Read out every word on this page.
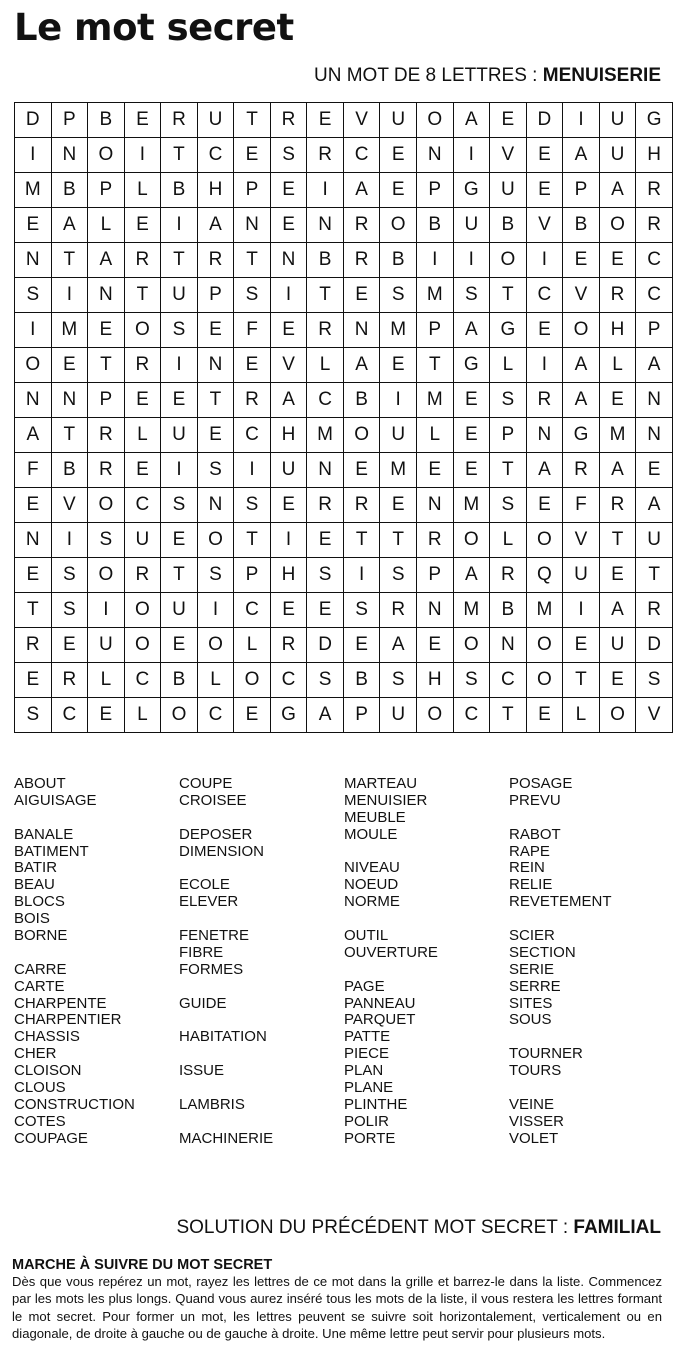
Le mot secret
UN MOT DE 8 LETTRES : MENUISERIE
D	P	B	E	R	U	T	R	E	V	U	O	A	E	D	I	U	G
I	N	O	I	T	C	E	S	R	C	E	N	I	V	E	A	U	H
M	B	P	L	B	H	P	E	I	A	E	P	G	U	E	P	A	R
E	A	L	E	I	A	N	E	N	R	O	B	U	B	V	B	O	R
N	T	A	R	T	R	T	N	B	R	B	I	I	O	I	E	E	C
S	I	N	T	U	P	S	I	T	E	S	M	S	T	C	V	R	C
I	M	E	O	S	E	F	E	R	N	M	P	A	G	E	O	H	P
O	E	T	R	I	N	E	V	L	A	E	T	G	L	I	A	L	A
N	N	P	E	E	T	R	A	C	B	I	M	E	S	R	A	E	N
A	T	R	L	U	E	C	H	M	O	U	L	E	P	N	G	M	N
F	B	R	E	I	S	I	U	N	E	M	E	E	T	A	R	A	E
E	V	O	C	S	N	S	E	R	R	E	N	M	S	E	F	R	A
N	I	S	U	E	O	T	I	E	T	T	R	O	L	O	V	T	U
E	S	O	R	T	S	P	H	S	I	S	P	A	R	Q	U	E	T
T	S	I	O	U	I	C	E	E	S	R	N	M	B	M	I	A	R
R	E	U	O	E	O	L	R	D	E	A	E	O	N	O	E	U	D
E	R	L	C	B	L	O	C	S	B	S	H	S	C	O	T	E	S
S	C	E	L	O	C	E	G	A	P	U	O	C	T	E	L	O	V
ABOUT
AIGUISAGE
BANALE
BATIMENT
BATIR
BEAU
BLOCS
BOIS
BORNE
CARRE
CARTE
CHARPENTE
CHARPENTIER
CHASSIS
CHER
CLOISON
CLOUS
CONSTRUCTION
COTES
COUPAGE
COUPE
CROISEE
DEPOSER
DIMENSION
ECOLE
ELEVER
FENETRE
FIBRE
FORMES
GUIDE
HABITATION
ISSUE
LAMBRIS
MACHINERIE
MARTEAU
MENUISIER
MEUBLE
MOULE
NIVEAU
NOEUD
NORME
OUTIL
OUVERTURE
PAGE
PANNEAU
PARQUET
PATTE
PIECE
PLAN
PLANE
PLINTHE
POLIR
PORTE
POSAGE
PREVU
RABOT
RAPE
REIN
RELIE
REVETEMENT
SCIER
SECTION
SERIE
SERRE
SITES
SOUS
TOURNER
TOURS
VEINE
VISSER
VOLET
SOLUTION DU PRÉCÉDENT MOT SECRET : FAMILIAL
MARCHE À SUIVRE DU MOT SECRET
Dès que vous repérez un mot, rayez les lettres de ce mot dans la grille et barrez-le dans la liste. Commencez par les mots les plus longs. Quand vous aurez inséré tous les mots de la liste, il vous restera les lettres formant le mot secret. Pour former un mot, les lettres peuvent se suivre soit horizontalement, verticalement ou en diagonale, de droite à gauche ou de gauche à droite. Une même lettre peut servir pour plusieurs mots.
